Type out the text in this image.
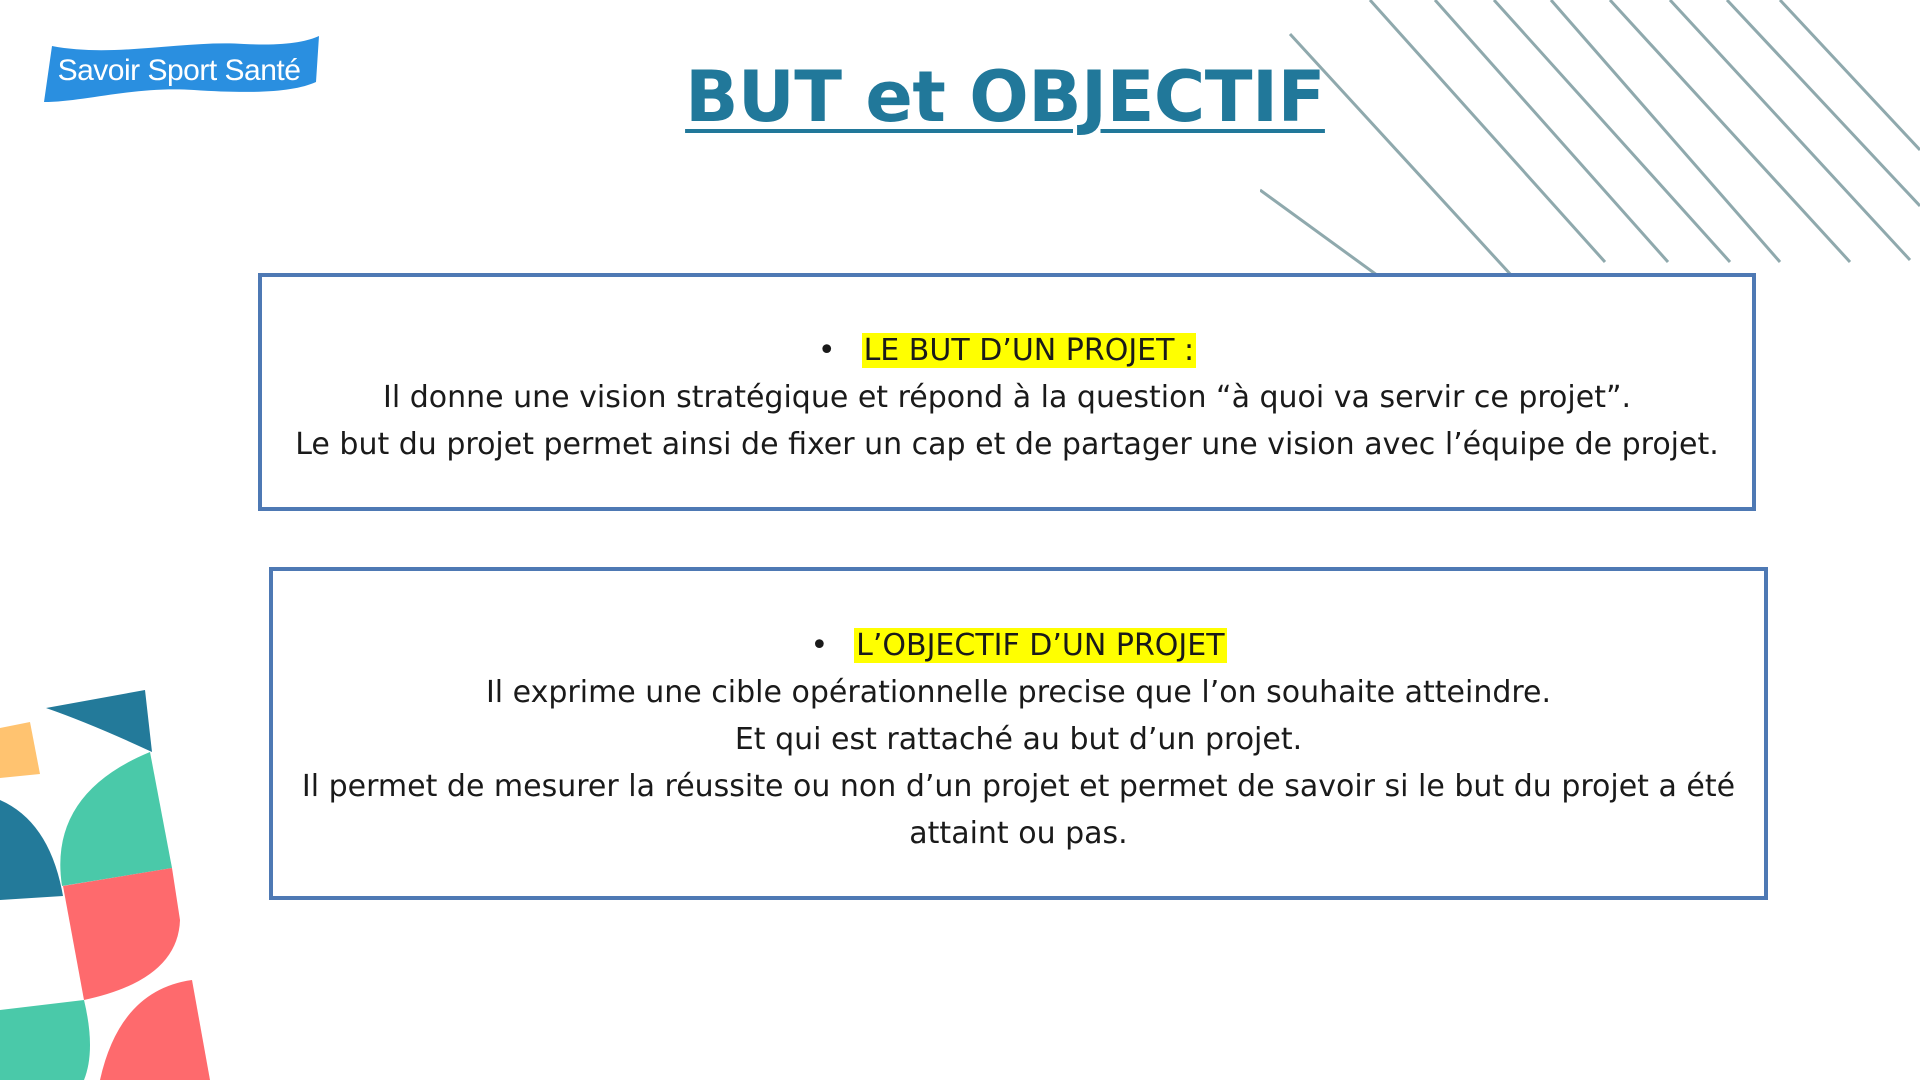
Savoir Sport Santé	BUT et OBJECTIF
• LE BUT D’UN PROJET :
Il donne une vision stratégique et répond à la question “à quoi va servir ce projet”.
Le but du projet permet ainsi de fixer un cap et de partager une vision avec l’équipe de projet.
• L’OBJECTIF D’UN PROJET
Il exprime une cible opérationnelle precise que l’on souhaite atteindre.
Et qui est rattaché au but d’un projet.
Il permet de mesurer la réussite ou non d’un projet et permet de savoir si le but du projet a été attaint ou pas.
